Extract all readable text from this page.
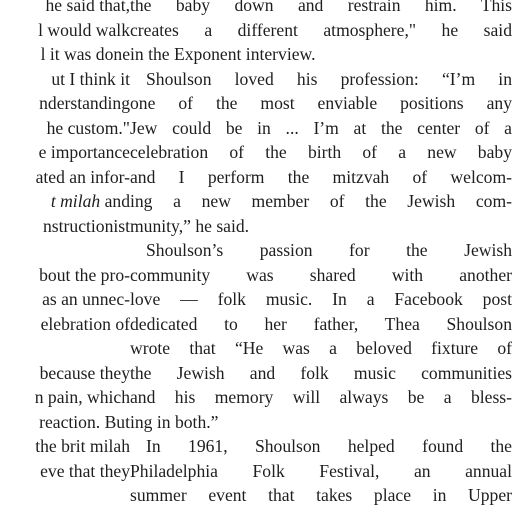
he said that,
l would walk
l it was done
ut I think it
nderstanding
he custom."
e importance
ated an infor-
t milah and
nstructionist
bout the pro-
as an unnec-
elebration of
because they
n pain, which
reaction. But
the brit milah
eve that they
the baby down and restrain him. This
creates a different atmosphere," he said
in the Exponent interview.
Shoulson loved his profession: “I’m in
one of the most enviable positions any
Jew could be in ... I’m at the center of a
celebration of the birth of a new baby
and I perform the mitzvah of welcom-
ing a new member of the Jewish com-
munity,” he said.
Shoulson’s passion for the Jewish
community was shared with another
love — folk music. In a Facebook post
dedicated to her father, Thea Shoulson
wrote that “He was a beloved fixture of
the Jewish and folk music communities
and his memory will always be a bless-
ing in both.”
In 1961, Shoulson helped found the
Philadelphia Folk Festival, an annual
summer event that takes place in Upper
